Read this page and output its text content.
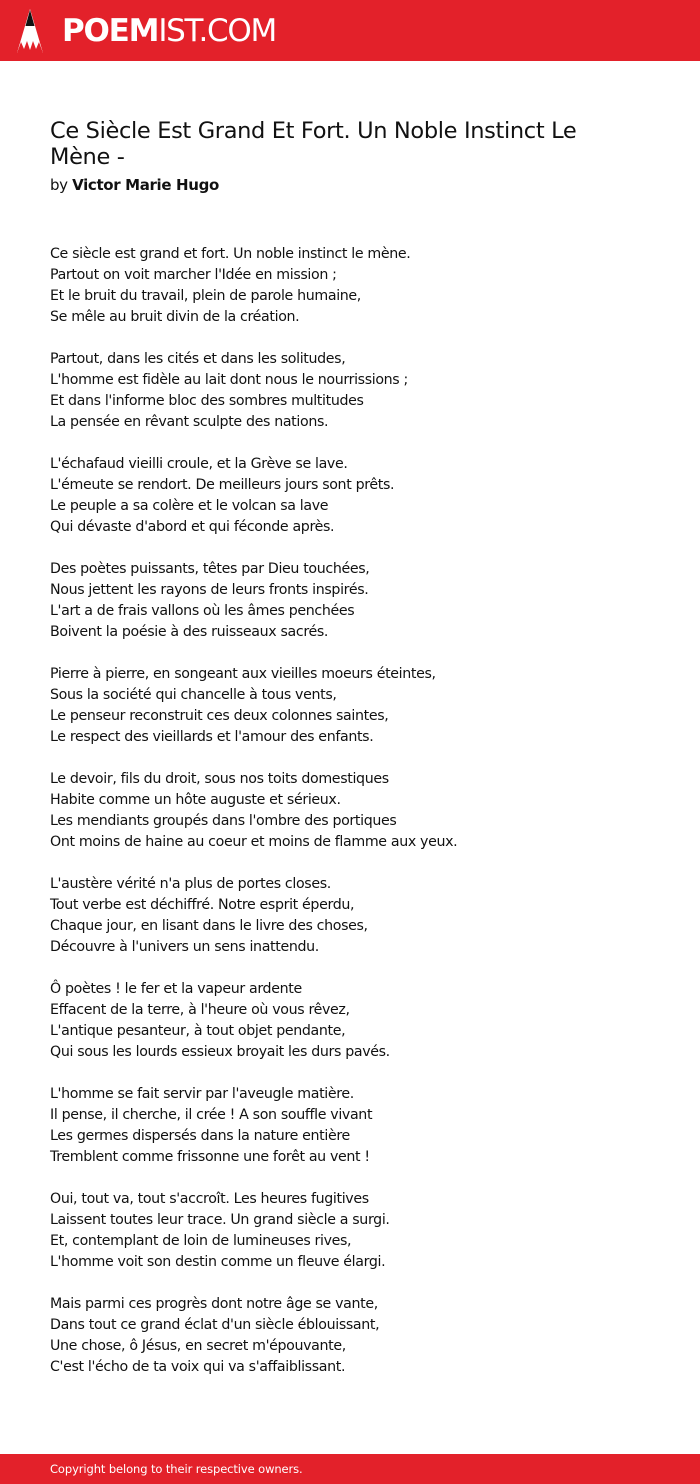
POEMIST.COM
Ce Siècle Est Grand Et Fort. Un Noble Instinct Le Mène -
by Victor Marie Hugo
Ce siècle est grand et fort. Un noble instinct le mène.
Partout on voit marcher l'Idée en mission ;
Et le bruit du travail, plein de parole humaine,
Se mêle au bruit divin de la création.
Partout, dans les cités et dans les solitudes,
L'homme est fidèle au lait dont nous le nourrissions ;
Et dans l'informe bloc des sombres multitudes
La pensée en rêvant sculpte des nations.
L'échafaud vieilli croule, et la Grève se lave.
L'émeute se rendort. De meilleurs jours sont prêts.
Le peuple a sa colère et le volcan sa lave
Qui dévaste d'abord et qui féconde après.
Des poètes puissants, têtes par Dieu touchées,
Nous jettent les rayons de leurs fronts inspirés.
L'art a de frais vallons où les âmes penchées
Boivent la poésie à des ruisseaux sacrés.
Pierre à pierre, en songeant aux vieilles moeurs éteintes,
Sous la société qui chancelle à tous vents,
Le penseur reconstruit ces deux colonnes saintes,
Le respect des vieillards et l'amour des enfants.
Le devoir, fils du droit, sous nos toits domestiques
Habite comme un hôte auguste et sérieux.
Les mendiants groupés dans l'ombre des portiques
Ont moins de haine au coeur et moins de flamme aux yeux.
L'austère vérité n'a plus de portes closes.
Tout verbe est déchiffré. Notre esprit éperdu,
Chaque jour, en lisant dans le livre des choses,
Découvre à l'univers un sens inattendu.
Ô poètes ! le fer et la vapeur ardente
Effacent de la terre, à l'heure où vous rêvez,
L'antique pesanteur, à tout objet pendante,
Qui sous les lourds essieux broyait les durs pavés.
L'homme se fait servir par l'aveugle matière.
Il pense, il cherche, il crée ! A son souffle vivant
Les germes dispersés dans la nature entière
Tremblent comme frissonne une forêt au vent !
Oui, tout va, tout s'accroît. Les heures fugitives
Laissent toutes leur trace. Un grand siècle a surgi.
Et, contemplant de loin de lumineuses rives,
L'homme voit son destin comme un fleuve élargi.
Mais parmi ces progrès dont notre âge se vante,
Dans tout ce grand éclat d'un siècle éblouissant,
Une chose, ô Jésus, en secret m'épouvante,
C'est l'écho de ta voix qui va s'affaiblissant.
Copyright belong to their respective owners.
